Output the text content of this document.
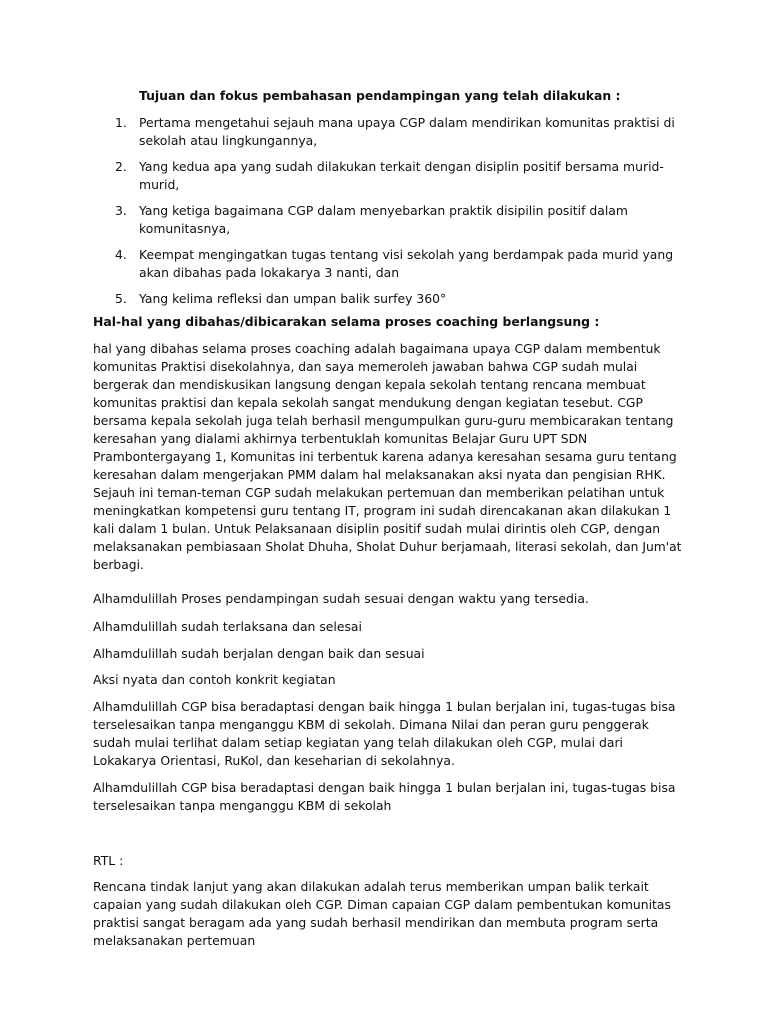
Tujuan dan fokus pembahasan pendampingan yang telah dilakukan :

1. Pertama mengetahui sejauh mana upaya CGP dalam mendirikan komunitas praktisi di sekolah atau lingkungannya,
2. Yang kedua apa yang sudah dilakukan terkait dengan disiplin positif bersama murid-murid,
3. Yang ketiga bagaimana CGP dalam menyebarkan praktik disipilin positif dalam komunitasnya,
4. Keempat mengingatkan tugas tentang visi sekolah yang berdampak pada murid yang akan dibahas pada lokakarya 3 nanti, dan
5. Yang kelima refleksi dan umpan balik surfey 360°

Hal-hal yang dibahas/dibicarakan selama proses coaching berlangsung :

hal yang dibahas selama proses coaching adalah bagaimana upaya CGP dalam membentuk komunitas Praktisi disekolahnya, dan saya memeroleh jawaban bahwa CGP sudah mulai bergerak dan mendiskusikan langsung dengan kepala sekolah tentang rencana membuat komunitas praktisi dan kepala sekolah sangat mendukung dengan kegiatan tesebut. CGP bersama kepala sekolah juga telah berhasil mengumpulkan guru-guru membicarakan tentang keresahan yang dialami akhirnya terbentuklah komunitas Belajar Guru UPT SDN Prambontergayang 1, Komunitas ini terbentuk karena adanya keresahan sesama guru tentang keresahan dalam mengerjakan PMM dalam hal melaksanakan aksi nyata dan pengisian RHK. Sejauh ini teman-teman CGP sudah melakukan pertemuan dan memberikan pelatihan untuk meningkatkan kompetensi guru tentang IT, program ini sudah direncakanan akan dilakukan 1 kali dalam 1 bulan. Untuk Pelaksanaan disiplin positif sudah mulai dirintis oleh CGP, dengan melaksanakan pembiasaan Sholat Dhuha, Sholat Duhur berjamaah, literasi sekolah, dan Jum'at berbagi.

Alhamdulillah Proses pendampingan sudah sesuai dengan waktu yang tersedia.

Alhamdulillah sudah terlaksana dan selesai

Alhamdulillah sudah berjalan dengan baik dan sesuai

Aksi nyata dan contoh konkrit kegiatan

Alhamdulillah CGP bisa beradaptasi dengan baik hingga 1 bulan berjalan ini, tugas-tugas bisa terselesaikan tanpa menganggu KBM di sekolah. Dimana Nilai dan peran guru penggerak sudah mulai terlihat dalam setiap kegiatan yang telah dilakukan oleh CGP, mulai dari Lokakarya Orientasi, RuKol, dan keseharian di sekolahnya.

Alhamdulillah CGP bisa beradaptasi dengan baik hingga 1 bulan berjalan ini, tugas-tugas bisa terselesaikan tanpa menganggu KBM di sekolah

RTL :

Rencana tindak lanjut yang akan dilakukan adalah terus memberikan umpan balik terkait capaian yang sudah dilakukan oleh CGP. Diman capaian CGP dalam pembentukan komunitas praktisi sangat beragam ada yang sudah berhasil mendirikan dan membuta program serta melaksanakan pertemuan
